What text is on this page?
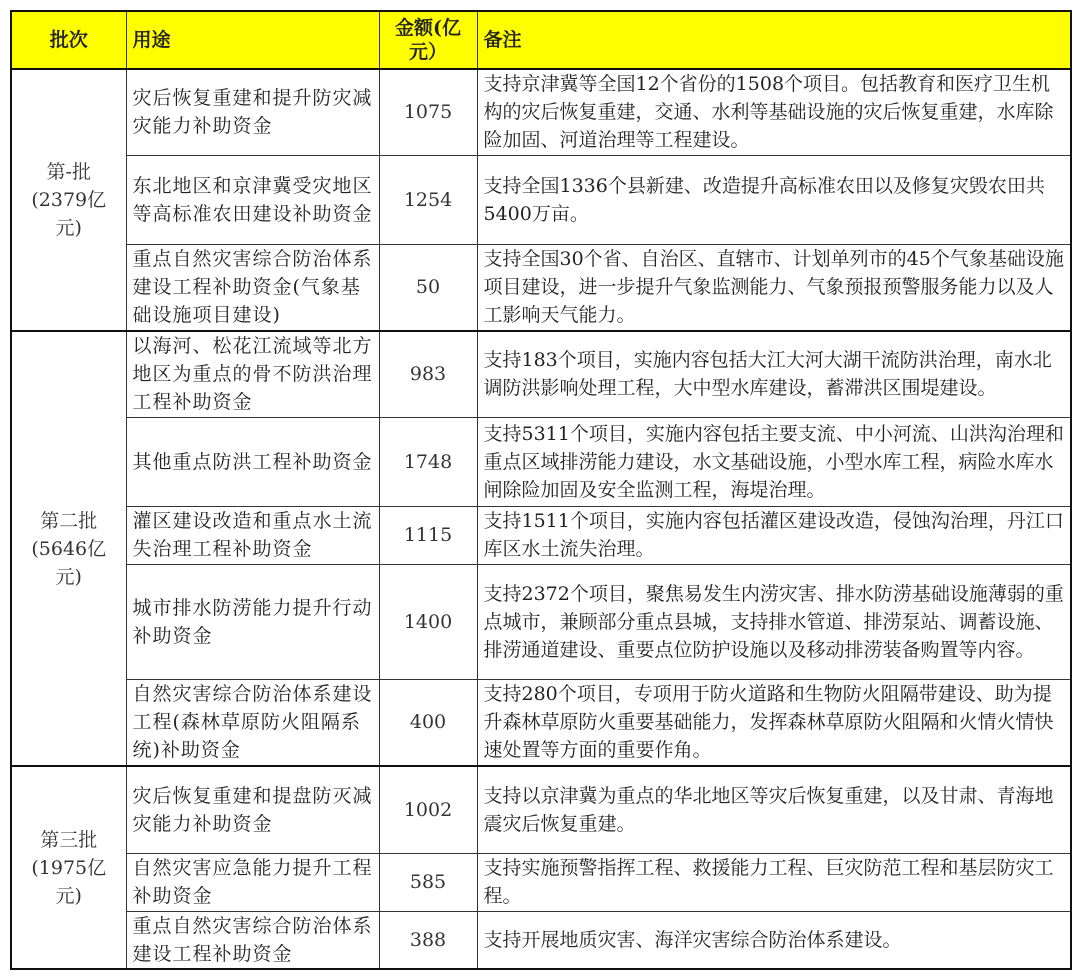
批次	用途	金额(亿元）	备注

第-批
(2379亿
元)	灾后恢复重建和提升防灾减灾能力补助资金	1075	支持京津冀等全国12个省份的1508个项目。包括教育和医疗卫生机构的灾后恢复重建，交通、水利等基础设施的灾后恢复重建，水库除险加固、河道治理等工程建设。
	东北地区和京津冀受灾地区等高标准农田建设补助资金	1254	支持全国1336个县新建、改造提升高标准农田以及修复灾毁农田共5400万亩。
	重点自然灾害综合防治体系建设工程补助资金(气象基础设施项目建设)	50	支持全国30个省、自治区、直辖市、计划单列市的45个气象基础设施项目建设，进一步提升气象监测能力、气象预报预警服务能力以及人工影响天气能力。

第二批
(5646亿
元)	以海河、松花江流域等北方地区为重点的骨不防洪治理工程补助资金	983	支持183个项目，实施内容包括大江大河大湖干流防洪治理，南水北调防洪影响处理工程，大中型水库建设，蓄滞洪区围堤建设。
	其他重点防洪工程补助资金	1748	支持5311个项目，实施内容包括主要支流、中小河流、山洪沟治理和重点区域排涝能力建设，水文基础设施，小型水库工程，病险水库水闸除险加固及安全监测工程，海堤治理。
	灌区建设改造和重点水土流失治理工程补助资金	1115	支持1511个项目，实施内容包括灌区建设改造，侵蚀沟治理，丹江口库区水土流失治理。
	城市排水防涝能力提升行动补助资金	1400	支持2372个项目，聚焦易发生内涝灾害、排水防涝基础设施薄弱的重点城市，兼顾部分重点县城，支持排水管道、排涝泵站、调蓄设施、排涝通道建设、重要点位防护设施以及移动排涝装备购置等内容。
	自然灾害综合防治体系建设工程(森林草原防火阻隔系统)补助资金	400	支持280个项目，专项用于防火道路和生物防火阻隔带建设、助为提升森林草原防火重要基础能力，发挥森林草原防火阻隔和火情火情快速处置等方面的重要作角。

第三批
(1975亿
元)	灾后恢复重建和提盘防灭减灾能力补助资金	1002	支持以京津冀为重点的华北地区等灾后恢复重建，以及甘肃、青海地震灾后恢复重建。
	自然灾害应急能力提升工程补助资金	585	支持实施预警指挥工程、救援能力工程、巨灾防范工程和基层防灾工程。
	重点自然灾害综合防治体系建设工程补助资金	388	支持开展地质灾害、海洋灾害综合防治体系建设。
